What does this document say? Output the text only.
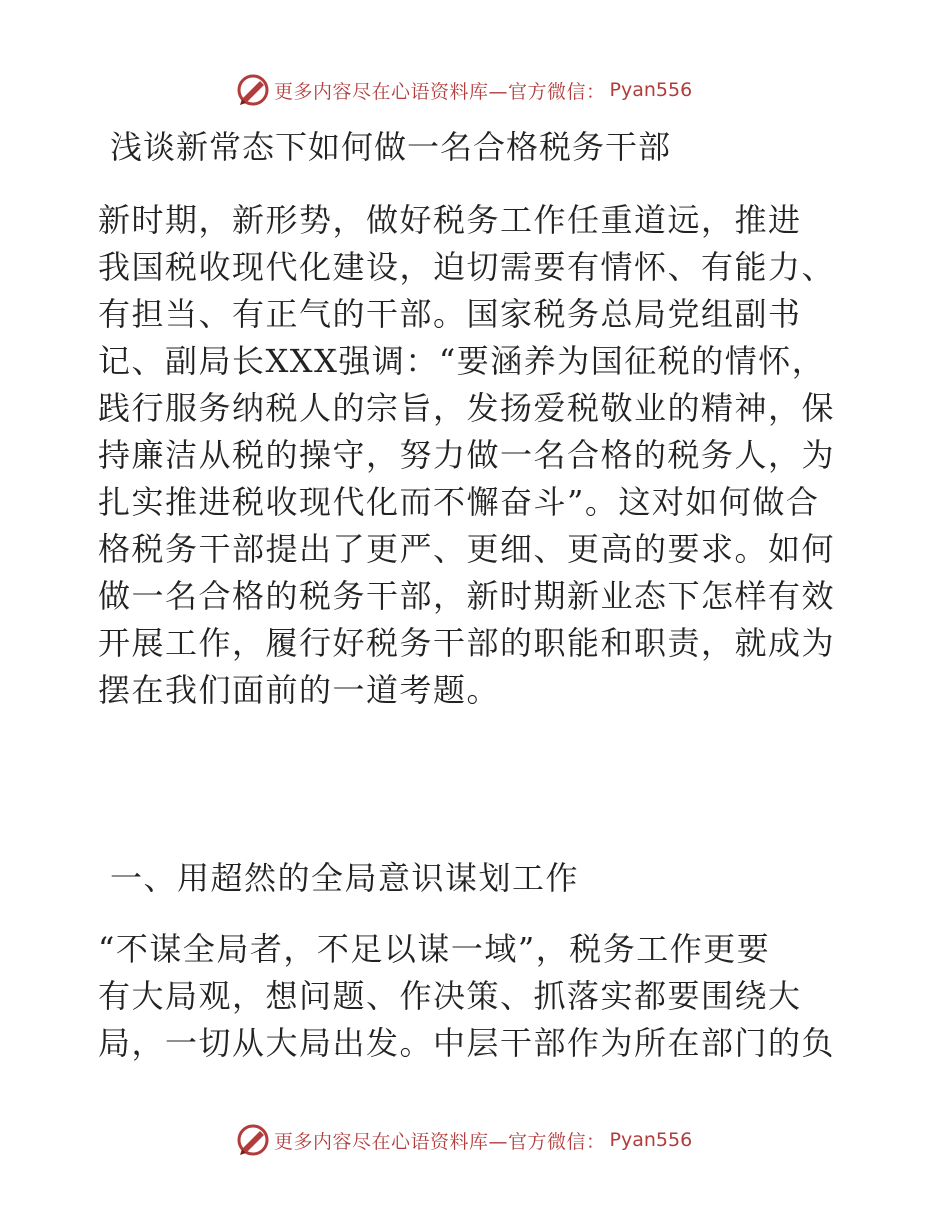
更多内容尽在心语资料库—官方微信： Pyan556
浅谈新常态下如何做一名合格税务干部

新时期，新形势，做好税务工作任重道远，推进
我国税收现代化建设，迫切需要有情怀、有能力、
有担当、有正气的干部。国家税务总局党组副书
记、副局长XXX强调：“要涵养为国征税的情怀，
践行服务纳税人的宗旨，发扬爱税敬业的精神，保
持廉洁从税的操守，努力做一名合格的税务人，为
扎实推进税收现代化而不懈奋斗”。这对如何做合
格税务干部提出了更严、更细、更高的要求。如何
做一名合格的税务干部，新时期新业态下怎样有效
开展工作，履行好税务干部的职能和职责，就成为
摆在我们面前的一道考题。

一、用超然的全局意识谋划工作

“不谋全局者，不足以谋一域”，税务工作更要
有大局观，想问题、作决策、抓落实都要围绕大
局，一切从大局出发。中层干部作为所在部门的负

更多内容尽在心语资料库—官方微信： Pyan556
